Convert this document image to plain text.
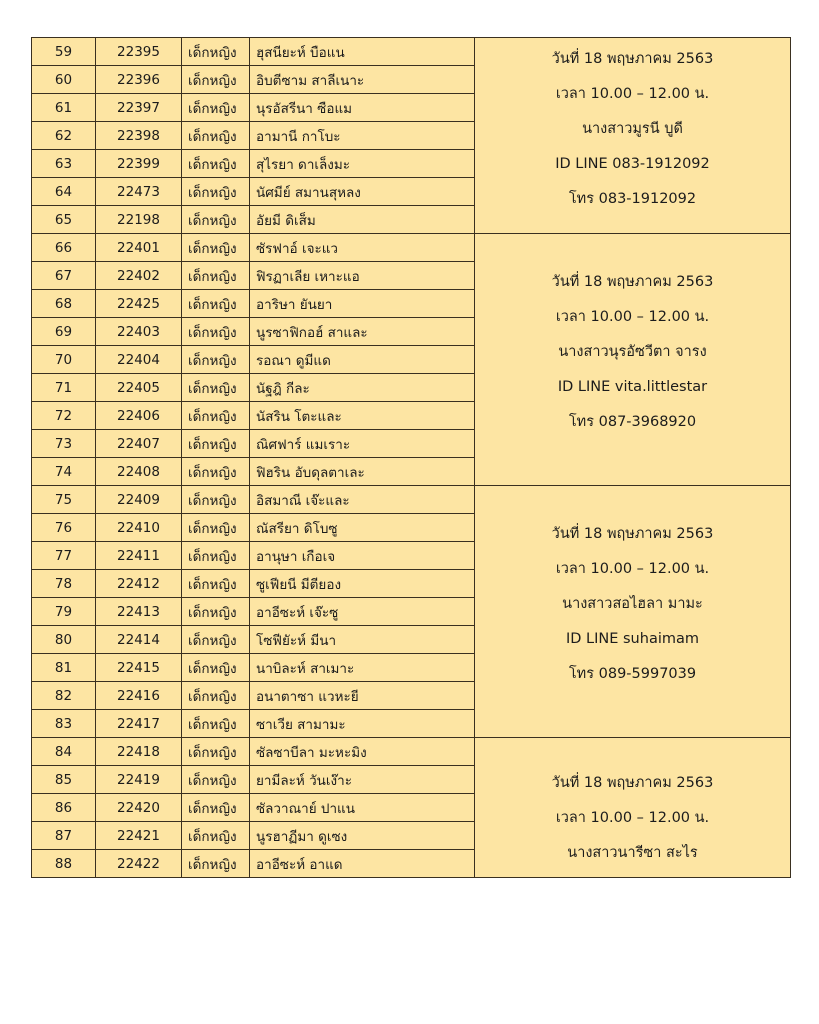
59	22395	เด็กหญิง	ฮุสนียะห์ บือแน	วันที่ 18 พฤษภาคม 2563
เวลา 10.00 – 12.00 น.
นางสาวมูรนี บูดี
ID LINE 083-1912092
โทร 083-1912092

60	22396	เด็กหญิง	อิบตีซาม สาลีเนาะ	
61	22397	เด็กหญิง	นุรอัสรีนา ซือแม	
62	22398	เด็กหญิง	อามานี กาโบะ	
63	22399	เด็กหญิง	สุไรยา ดาเล็งมะ	
64	22473	เด็กหญิง	นัศมีย์ สมานสุหลง	
65	22198	เด็กหญิง	อัยมี ดิเส็ม	
66	22401	เด็กหญิง	ซัรฟาอ์ เจะแว	วันที่ 18 พฤษภาคม 2563
เวลา 10.00 – 12.00 น.
นางสาวนุรอัซวีตา จารง
ID LINE vita.littlestar
โทร 087-3968920

67	22402	เด็กหญิง	ฟิรฏาเลีย เหาะแอ	
68	22425	เด็กหญิง	อาริษา ยันยา	
69	22403	เด็กหญิง	นูรซาฟิกอฮ์ สาและ	
70	22404	เด็กหญิง	รอณา ดูมีแด	
71	22405	เด็กหญิง	นัฐฎิ กีละ	
72	22406	เด็กหญิง	นัสริน โตะและ	
73	22407	เด็กหญิง	ณิศฟาร์ แมเราะ	
74	22408	เด็กหญิง	ฟิฮริน อับดุลตาเละ	
75	22409	เด็กหญิง	อิสมาณี เจ๊ะและ	วันที่ 18 พฤษภาคม 2563
เวลา 10.00 – 12.00 น.
นางสาวสอไฮลา มามะ
ID LINE suhaimam
โทร 089-5997039

76	22410	เด็กหญิง	ณัสรียา ดิโบซู	
77	22411	เด็กหญิง	อานุษา เกือเจ	
78	22412	เด็กหญิง	ซูเฟียนี มีตียอง	
79	22413	เด็กหญิง	อาอีซะห์ เจ๊ะซู	
80	22414	เด็กหญิง	โซฟียัะห์ มีนา	
81	22415	เด็กหญิง	นาบิละห์ สาเมาะ	
82	22416	เด็กหญิง	อนาตาซา แวหะยี	
83	22417	เด็กหญิง	ซาเวีย สามามะ	
84	22418	เด็กหญิง	ซัลซาบีลา มะหะมิง	วันที่ 18 พฤษภาคม 2563
เวลา 10.00 – 12.00 น.
นางสาวนารีซา สะไร

85	22419	เด็กหญิง	ยามีละห์ วันเง๊าะ	
86	22420	เด็กหญิง	ซัลวาณาย์ ปาแน	
87	22421	เด็กหญิง	นูรฮาฏีมา ดูเซง	
88	22422	เด็กหญิง	อาอีซะห์ อาแด	
